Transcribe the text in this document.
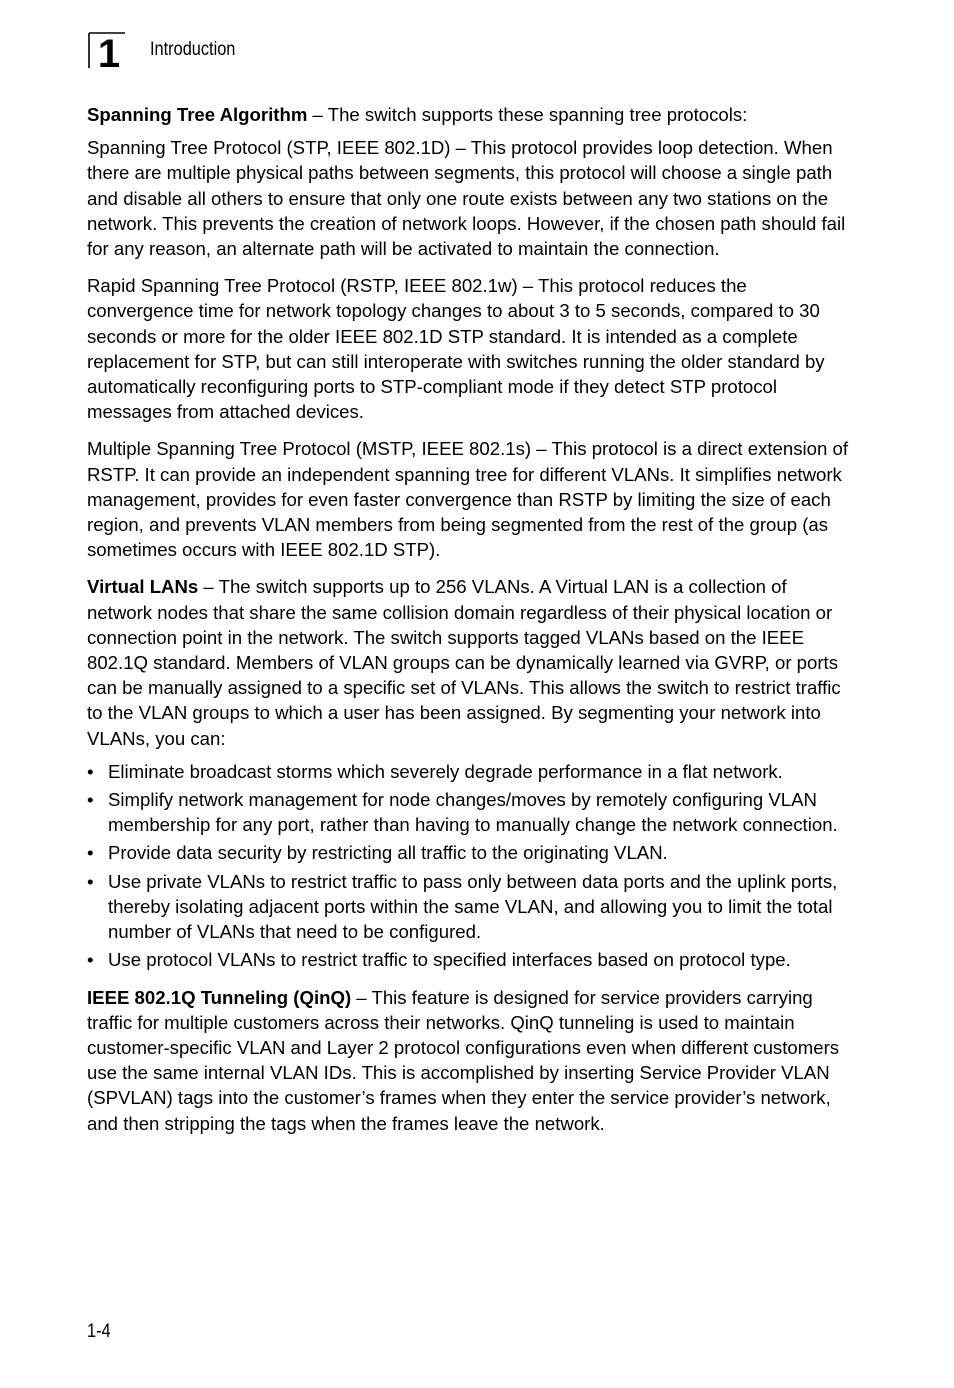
1 Introduction

Spanning Tree Algorithm – The switch supports these spanning tree protocols:

Spanning Tree Protocol (STP, IEEE 802.1D) – This protocol provides loop detection. When there are multiple physical paths between segments, this protocol will choose a single path and disable all others to ensure that only one route exists between any two stations on the network. This prevents the creation of network loops. However, if the chosen path should fail for any reason, an alternate path will be activated to maintain the connection.

Rapid Spanning Tree Protocol (RSTP, IEEE 802.1w) – This protocol reduces the convergence time for network topology changes to about 3 to 5 seconds, compared to 30 seconds or more for the older IEEE 802.1D STP standard. It is intended as a complete replacement for STP, but can still interoperate with switches running the older standard by automatically reconfiguring ports to STP-compliant mode if they detect STP protocol messages from attached devices.

Multiple Spanning Tree Protocol (MSTP, IEEE 802.1s) – This protocol is a direct extension of RSTP. It can provide an independent spanning tree for different VLANs. It simplifies network management, provides for even faster convergence than RSTP by limiting the size of each region, and prevents VLAN members from being segmented from the rest of the group (as sometimes occurs with IEEE 802.1D STP).

Virtual LANs – The switch supports up to 256 VLANs. A Virtual LAN is a collection of network nodes that share the same collision domain regardless of their physical location or connection point in the network. The switch supports tagged VLANs based on the IEEE 802.1Q standard. Members of VLAN groups can be dynamically learned via GVRP, or ports can be manually assigned to a specific set of VLANs. This allows the switch to restrict traffic to the VLAN groups to which a user has been assigned. By segmenting your network into VLANs, you can:

• Eliminate broadcast storms which severely degrade performance in a flat network.
• Simplify network management for node changes/moves by remotely configuring VLAN membership for any port, rather than having to manually change the network connection.
• Provide data security by restricting all traffic to the originating VLAN.
• Use private VLANs to restrict traffic to pass only between data ports and the uplink ports, thereby isolating adjacent ports within the same VLAN, and allowing you to limit the total number of VLANs that need to be configured.
• Use protocol VLANs to restrict traffic to specified interfaces based on protocol type.

IEEE 802.1Q Tunneling (QinQ) – This feature is designed for service providers carrying traffic for multiple customers across their networks. QinQ tunneling is used to maintain customer-specific VLAN and Layer 2 protocol configurations even when different customers use the same internal VLAN IDs. This is accomplished by inserting Service Provider VLAN (SPVLAN) tags into the customer’s frames when they enter the service provider’s network, and then stripping the tags when the frames leave the network.

1-4
